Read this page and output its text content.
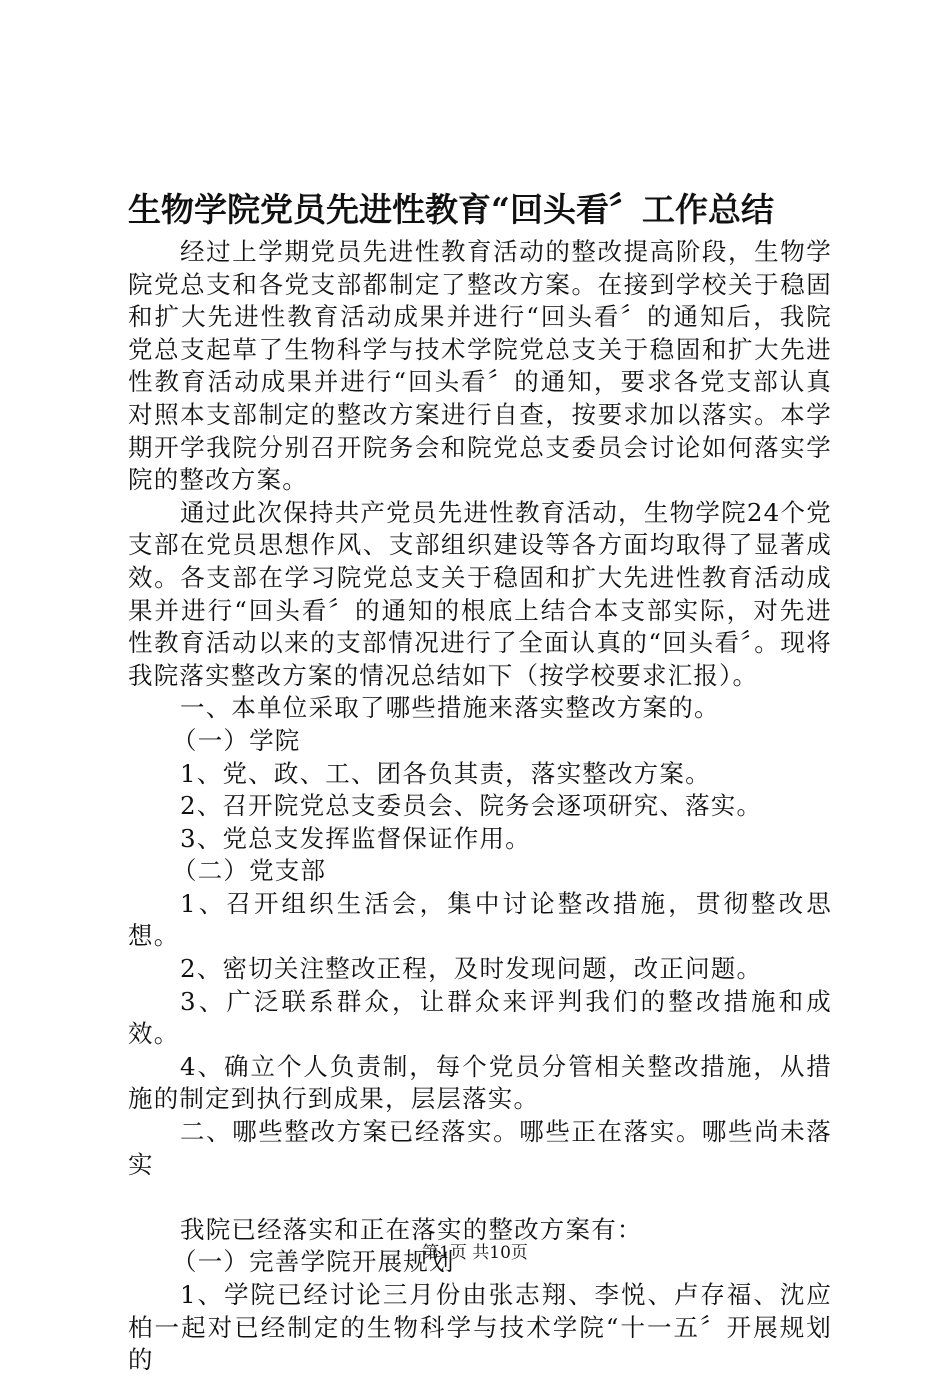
生物学院党员先进性教育“回头看〞工作总结

经过上学期党员先进性教育活动的整改提高阶段，生物学院党总支和各党支部都制定了整改方案。在接到学校关于稳固和扩大先进性教育活动成果并进行“回头看〞的通知后，我院党总支起草了生物科学与技术学院党总支关于稳固和扩大先进性教育活动成果并进行“回头看〞的通知，要求各党支部认真对照本支部制定的整改方案进行自查，按要求加以落实。本学期开学我院分别召开院务会和院党总支委员会讨论如何落实学院的整改方案。

通过此次保持共产党员先进性教育活动，生物学院24个党支部在党员思想作风、支部组织建设等各方面均取得了显著成效。各支部在学习院党总支关于稳固和扩大先进性教育活动成果并进行“回头看〞的通知的根底上结合本支部实际，对先进性教育活动以来的支部情况进行了全面认真的“回头看〞。现将我院落实整改方案的情况总结如下（按学校要求汇报）。

一、本单位采取了哪些措施来落实整改方案的。

（一）学院

1、党、政、工、团各负其责，落实整改方案。

2、召开院党总支委员会、院务会逐项研究、落实。

3、党总支发挥监督保证作用。

（二）党支部

1、召开组织生活会，集中讨论整改措施，贯彻整改思想。

2、密切关注整改正程，及时发现问题，改正问题。

3、广泛联系群众，让群众来评判我们的整改措施和成效。

4、确立个人负责制，每个党员分管相关整改措施，从措施的制定到执行到成果，层层落实。

二、哪些整改方案已经落实。哪些正在落实。哪些尚未落实

我院已经落实和正在落实的整改方案有：

（一）完善学院开展规划

1、学院已经讨论三月份由张志翔、李悦、卢存福、沈应柏一起对已经制定的生物科学与技术学院“十一五〞开展规划的

第1页 共10页
